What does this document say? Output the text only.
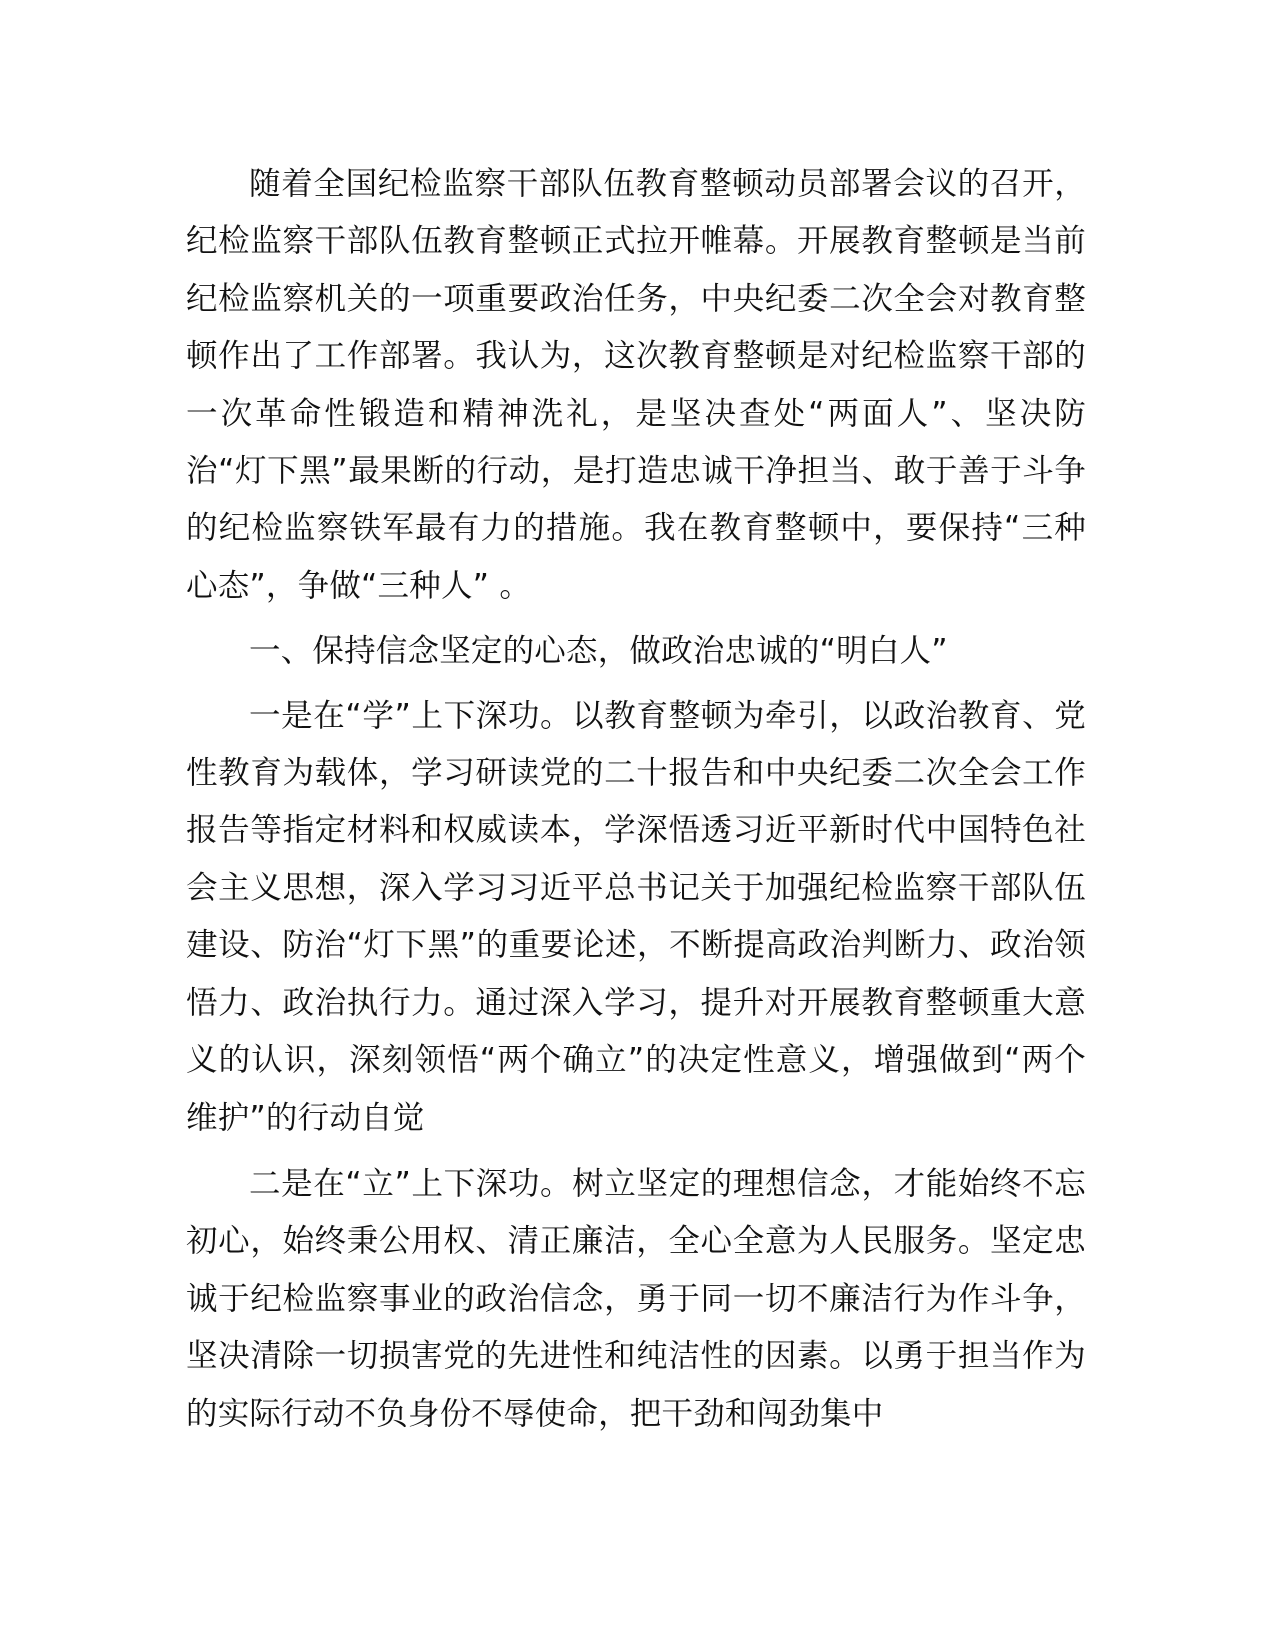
随着全国纪检监察干部队伍教育整顿动员部署会议的召开，纪检监察干部队伍教育整顿正式拉开帷幕。开展教育整顿是当前纪检监察机关的一项重要政治任务，中央纪委二次全会对教育整顿作出了工作部署。我认为，这次教育整顿是对纪检监察干部的一次革命性锻造和精神洗礼，是坚决查处“两面人”、坚决防治“灯下黑”最果断的行动，是打造忠诚干净担当、敢于善于斗争的纪检监察铁军最有力的措施。我在教育整顿中，要保持“三种心态”，争做“三种人” 。

一、保持信念坚定的心态，做政治忠诚的“明白人”

一是在“学”上下深功。以教育整顿为牵引，以政治教育、党性教育为载体，学习研读党的二十报告和中央纪委二次全会工作报告等指定材料和权威读本，学深悟透习近平新时代中国特色社会主义思想，深入学习习近平总书记关于加强纪检监察干部队伍建设、防治“灯下黑”的重要论述，不断提高政治判断力、政治领悟力、政治执行力。通过深入学习，提升对开展教育整顿重大意义的认识，深刻领悟“两个确立”的决定性意义，增强做到“两个维护”的行动自觉

二是在“立”上下深功。树立坚定的理想信念，才能始终不忘初心，始终秉公用权、清正廉洁，全心全意为人民服务。坚定忠诚于纪检监察事业的政治信念，勇于同一切不廉洁行为作斗争，坚决清除一切损害党的先进性和纯洁性的因素。以勇于担当作为的实际行动不负身份不辱使命，把干劲和闯劲集中
